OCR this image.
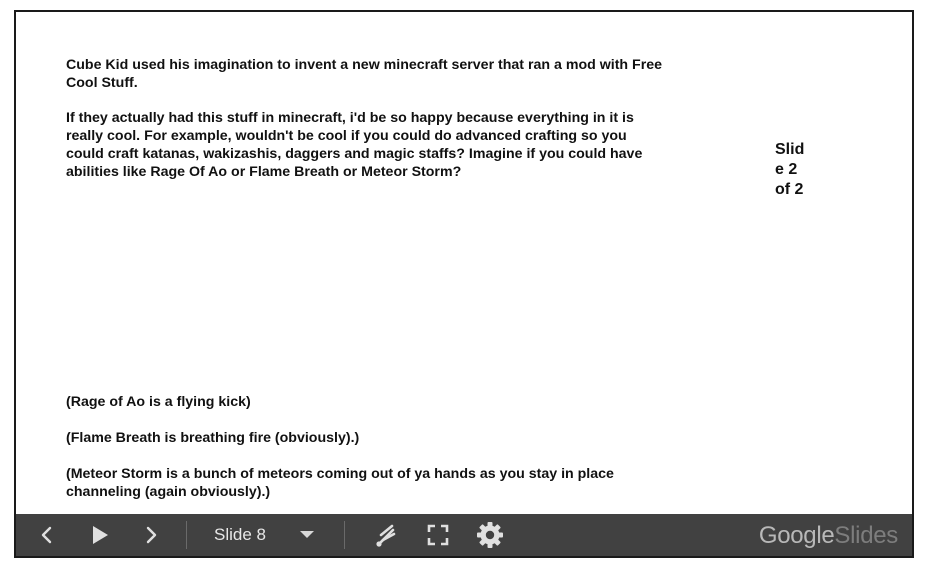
Cube Kid used his imagination to invent a new minecraft server that ran a mod with Free Cool Stuff.

If they actually had this stuff in minecraft, i'd be so happy because everything in it is really cool. For example, wouldn't be cool if you could do advanced crafting so you could craft katanas, wakizashis, daggers and magic staffs? Imagine if you could have abilities like Rage Of Ao or Flame Breath or Meteor Storm?

Slid
e 2
of 2

(Rage of Ao is a flying kick)

(Flame Breath is breathing fire (obviously).)

(Meteor Storm is a bunch of meteors coming out of ya hands as you stay in place channeling (again obviously).)

Slide 8	GoogleSlides
